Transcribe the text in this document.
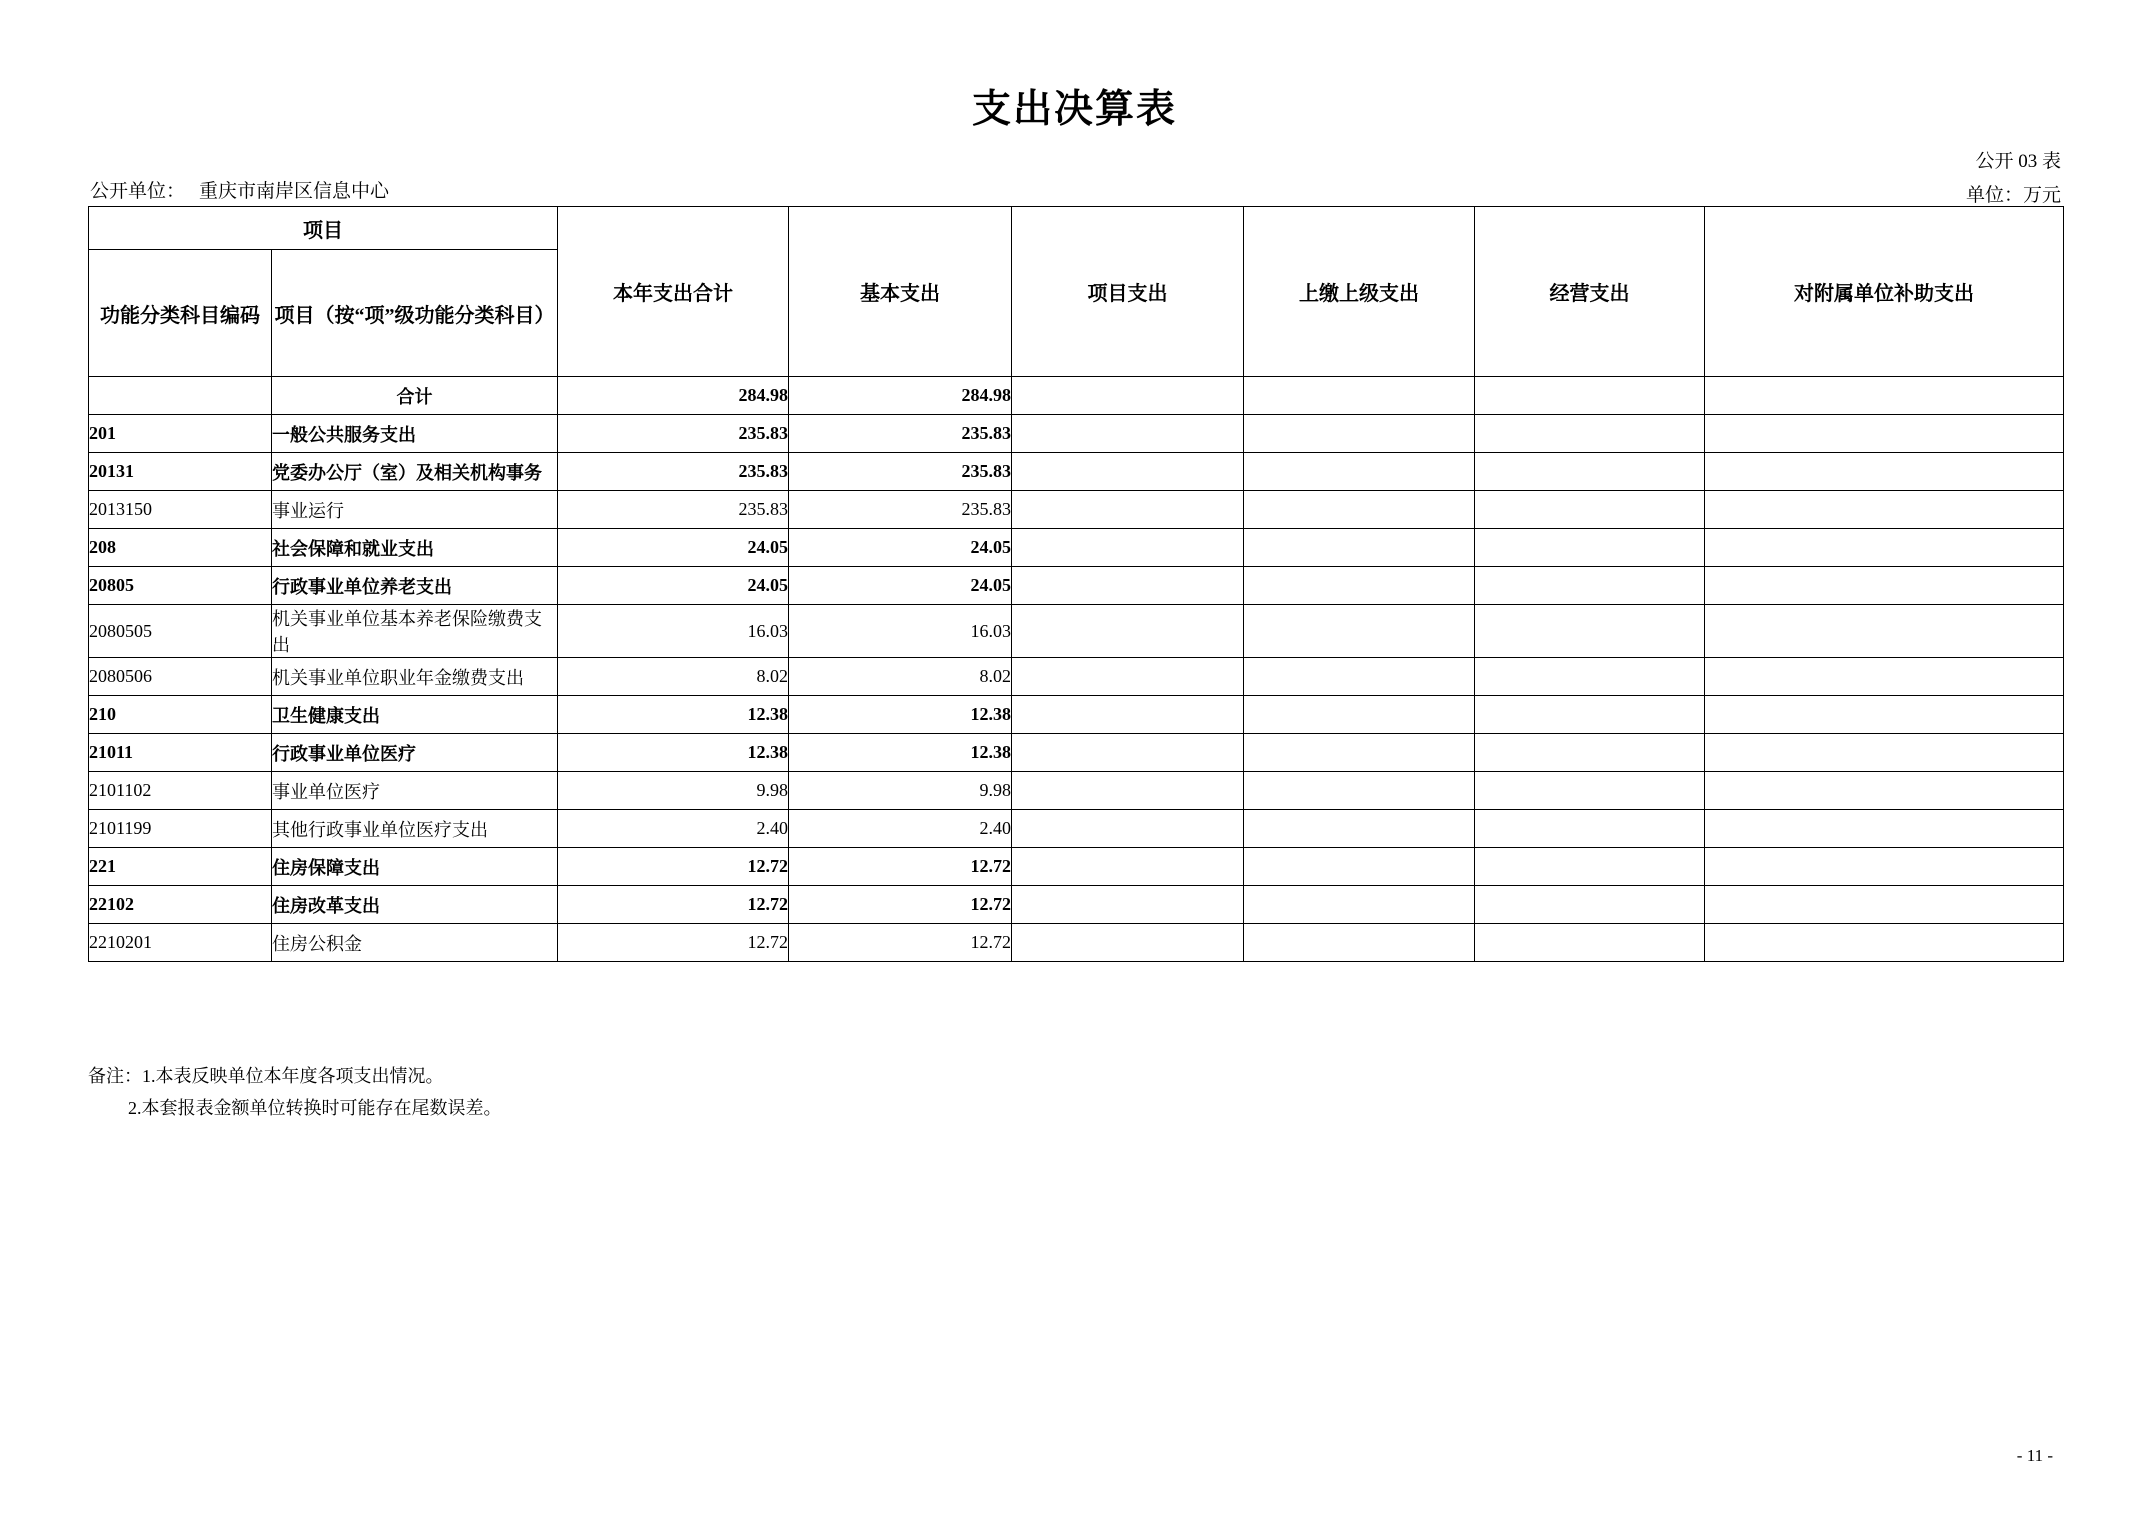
支出决算表
公开 03 表
单位：万元
公开单位： 重庆市南岸区信息中心
项目		本年支出合计	基本支出	项目支出	上缴上级支出	经营支出	对附属单位补助支出
功能分类科目编码	项目（按“项”级功能分类科目）						
	合计	284.98	284.98				
201	一般公共服务支出	235.83	235.83				
20131	党委办公厅（室）及相关机构事务	235.83	235.83				
2013150	事业运行	235.83	235.83				
208	社会保障和就业支出	24.05	24.05				
20805	行政事业单位养老支出	24.05	24.05				
2080505	机关事业单位基本养老保险缴费支出	16.03	16.03				
2080506	机关事业单位职业年金缴费支出	8.02	8.02				
210	卫生健康支出	12.38	12.38				
21011	行政事业单位医疗	12.38	12.38				
2101102	事业单位医疗	9.98	9.98				
2101199	其他行政事业单位医疗支出	2.40	2.40				
221	住房保障支出	12.72	12.72				
22102	住房改革支出	12.72	12.72				
2210201	住房公积金	12.72	12.72				
备注：1.本表反映单位本年度各项支出情况。
2.本套报表金额单位转换时可能存在尾数误差。
- 11 -
